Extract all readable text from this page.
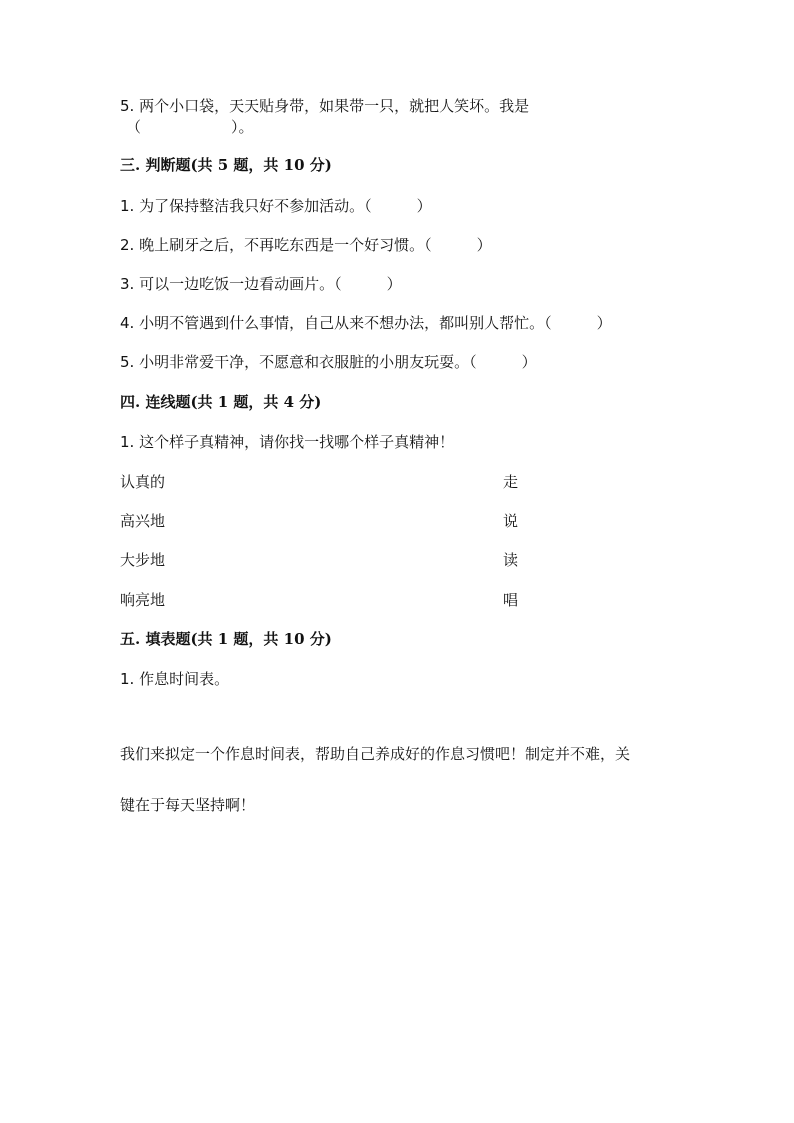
5. 两个小口袋，天天贴身带，如果带一只，就把人笑坏。我是
（　　　　　　）。
三. 判断题(共 5 题，共 10 分)
1. 为了保持整洁我只好不参加活动。（　　　）
2. 晚上刷牙之后，不再吃东西是一个好习惯。（　　　）
3. 可以一边吃饭一边看动画片。（　　　）
4. 小明不管遇到什么事情，自己从来不想办法，都叫别人帮忙。（　　　）
5. 小明非常爱干净，不愿意和衣服脏的小朋友玩耍。（　　　）
四. 连线题(共 1 题，共 4 分)
1. 这个样子真精神，请你找一找哪个样子真精神！
认真的	走
高兴地	说
大步地	读
响亮地	唱
五. 填表题(共 1 题，共 10 分)
1. 作息时间表。
我们来拟定一个作息时间表，帮助自己养成好的作息习惯吧！制定并不难，关
键在于每天坚持啊！
